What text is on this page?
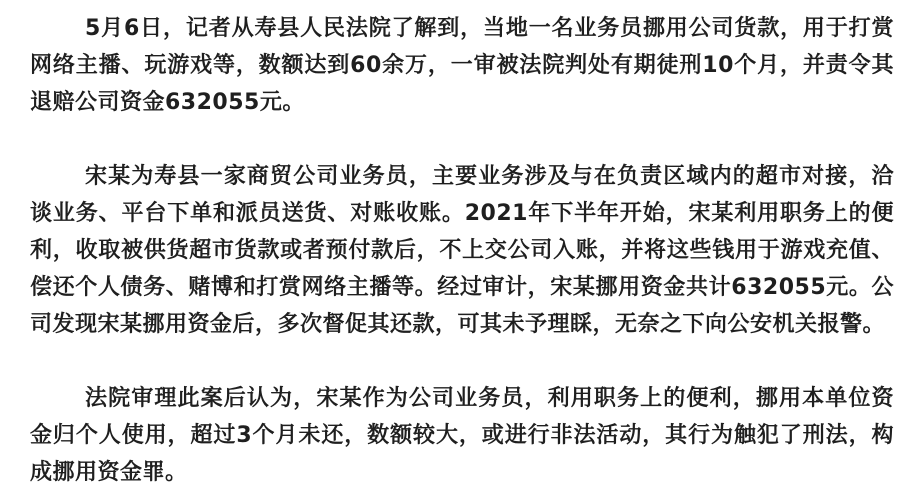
5月6日，记者从寿县人民法院了解到，当地一名业务员挪用公司货款，用于打赏网络主播、玩游戏等，数额达到60余万，一审被法院判处有期徒刑10个月，并责令其退赔公司资金632055元。

宋某为寿县一家商贸公司业务员，主要业务涉及与在负责区域内的超市对接，洽谈业务、平台下单和派员送货、对账收账。2021年下半年开始，宋某利用职务上的便利，收取被供货超市货款或者预付款后，不上交公司入账，并将这些钱用于游戏充值、偿还个人债务、赌博和打赏网络主播等。经过审计，宋某挪用资金共计632055元。公司发现宋某挪用资金后，多次督促其还款，可其未予理睬，无奈之下向公安机关报警。

法院审理此案后认为，宋某作为公司业务员，利用职务上的便利，挪用本单位资金归个人使用，超过3个月未还，数额较大，或进行非法活动，其行为触犯了刑法，构成挪用资金罪。
